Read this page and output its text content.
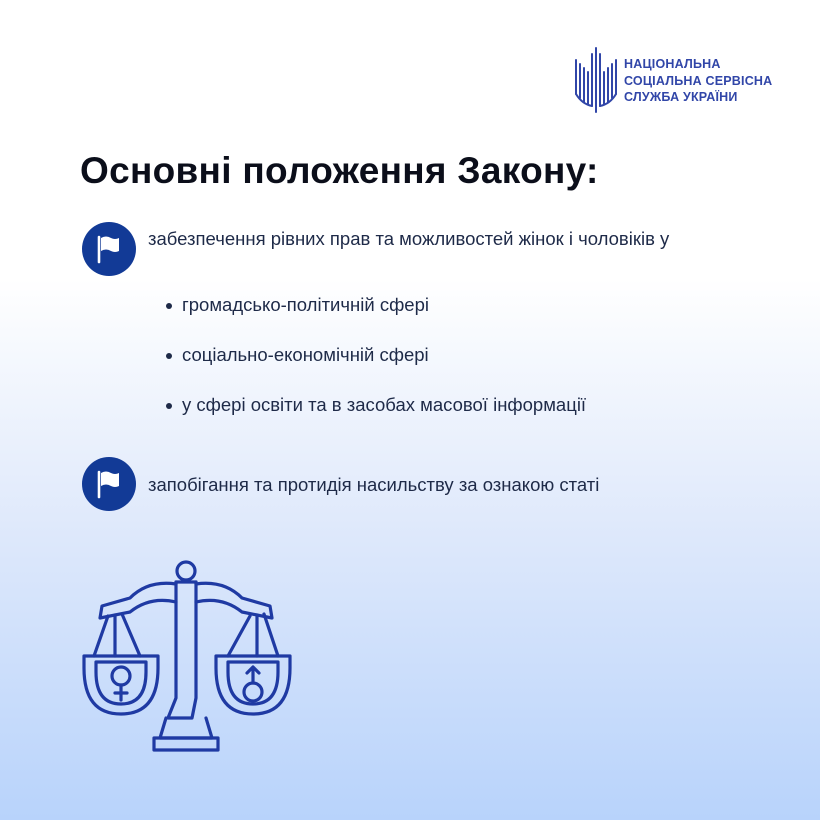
НАЦІОНАЛЬНА
СОЦІАЛЬНА СЕРВІСНА
СЛУЖБА УКРАЇНИ
Основні положення Закону:
забезпечення рівних прав та можливостей жінок і чоловіків у
громадсько-політичній сфері
соціально-економічній сфері
у сфері освіти та в засобах масової інформації
запобігання та протидія насильству за ознакою статі
